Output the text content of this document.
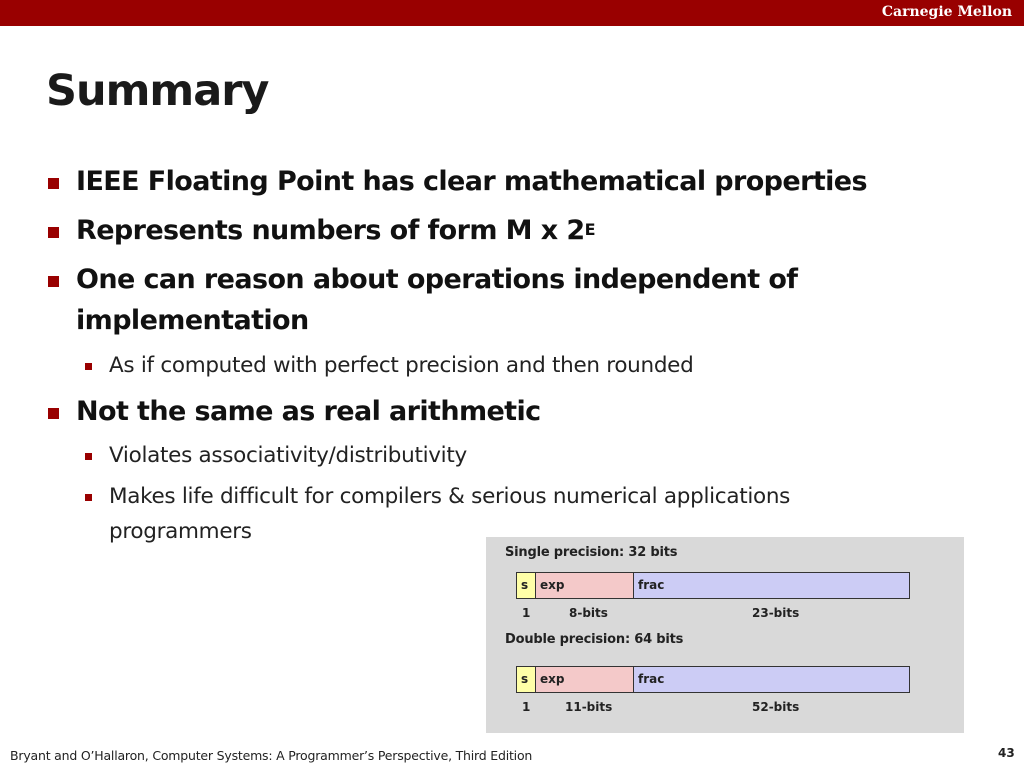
Carnegie Mellon
Summary
IEEE Floating Point has clear mathematical properties
Represents numbers of form M x $2^E$
One can reason about operations independent of
implementation
As if computed with perfect precision and then rounded
Not the same as real arithmetic
Violates associativity/distributivity
Makes life difficult for compilers & serious numerical applications
programmers
Single precision: 32 bits
s exp	frac
1	8-bits	23-bits
Double precision: 64 bits
s exp	frac
1	11-bits	52-bits
Bryant and O’Hallaron, Computer Systems: A Programmer’s Perspective, Third Edition	43
